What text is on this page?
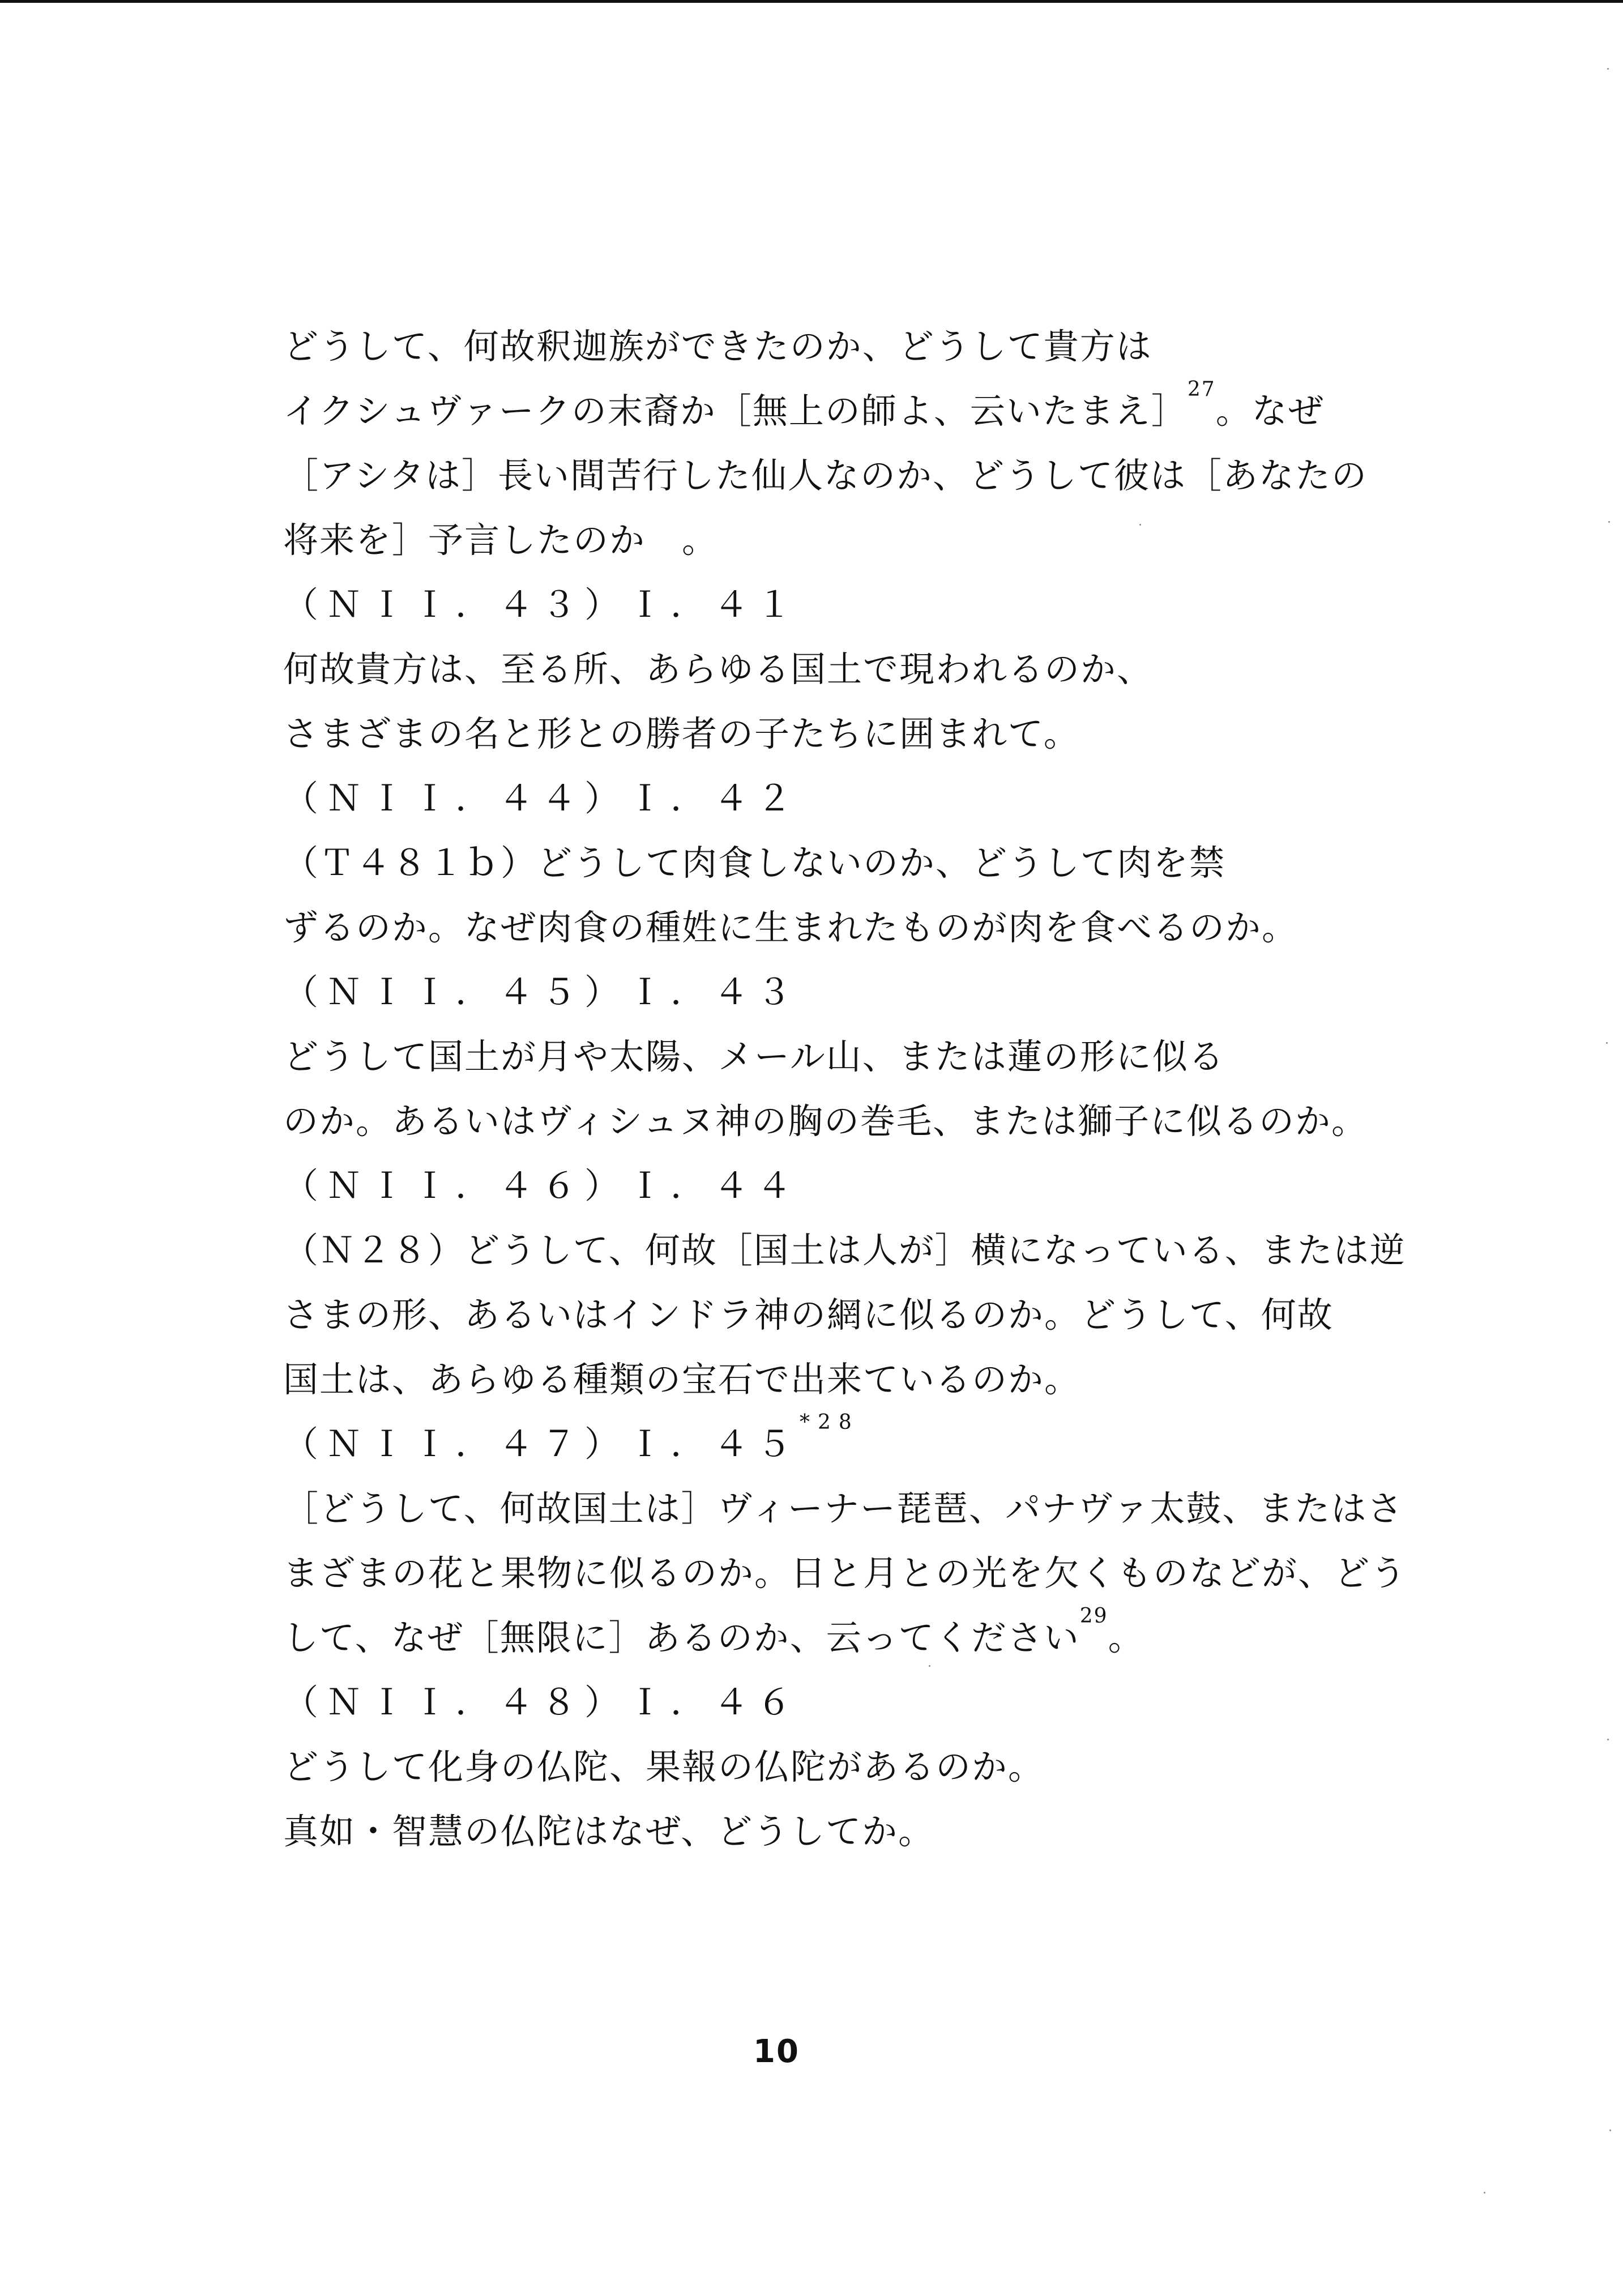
どうして、何故釈迦族ができたのか、どうして貴方は
イクシュヴァークの末裔か［無上の師よ、云いたまえ］$^{27}$。なぜ
［アシタは］長い間苦行した仙人なのか、どうして彼は［あなたの
将来を］予言したのか　。
（ＮＩＩ．４３）Ｉ．４１
何故貴方は、至る所、あらゆる国土で現われるのか、
さまざまの名と形との勝者の子たちに囲まれて。
（ＮＩＩ．４４）Ｉ．４２
（Ｔ４８１ｂ）どうして肉食しないのか、どうして肉を禁
ずるのか。なぜ肉食の種姓に生まれたものが肉を食べるのか。
（ＮＩＩ．４５）Ｉ．４３
どうして国土が月や太陽、メール山、または蓮の形に似る
のか。あるいはヴィシュヌ神の胸の巻毛、または獅子に似るのか。
（ＮＩＩ．４６）Ｉ．４４
（Ｎ２８）どうして、何故［国土は人が］横になっている、または逆
さまの形、あるいはインドラ神の網に似るのか。どうして、何故
国土は、あらゆる種類の宝石で出来ているのか。
（ＮＩＩ．４７）Ｉ．４５$^{*28}$
［どうして、何故国土は］ヴィーナー琵琶、パナヴァ太鼓、またはさ
まざまの花と果物に似るのか。日と月との光を欠くものなどが、どう
して、なぜ［無限に］あるのか、云ってください$^{29}$。
（ＮＩＩ．４８）Ｉ．４６
どうして化身の仏陀、果報の仏陀があるのか。
真如・智慧の仏陀はなぜ、どうしてか。
10
